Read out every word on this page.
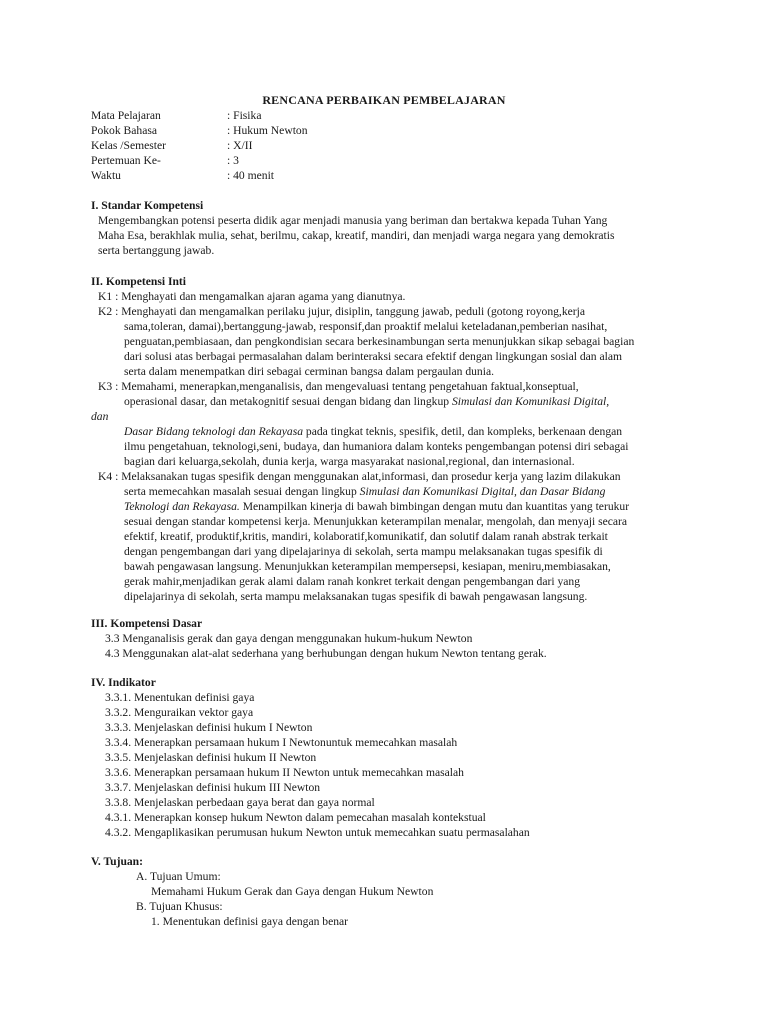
RENCANA PERBAIKAN PEMBELAJARAN
Mata Pelajaran	: Fisika
Pokok Bahasa	: Hukum Newton
Kelas /Semester	: X/II
Pertemuan Ke-	: 3
Waktu	: 40 menit
I. Standar Kompetensi
Mengembangkan potensi peserta didik agar menjadi manusia yang beriman dan bertakwa kepada Tuhan Yang
Maha Esa, berakhlak mulia, sehat, berilmu, cakap, kreatif, mandiri, dan menjadi warga negara yang demokratis
serta bertanggung jawab.
II. Kompetensi Inti
K1 : Menghayati dan mengamalkan ajaran agama yang dianutnya.
K2 : Menghayati dan mengamalkan perilaku jujur, disiplin, tanggung jawab, peduli (gotong royong,kerja
sama,toleran, damai),bertanggung-jawab, responsif,dan proaktif melalui keteladanan,pemberian nasihat,
penguatan,pembiasaan, dan pengkondisian secara berkesinambungan serta menunjukkan sikap sebagai bagian
dari solusi atas berbagai permasalahan dalam berinteraksi secara efektif dengan lingkungan sosial dan alam
serta dalam menempatkan diri sebagai cerminan bangsa dalam pergaulan dunia.
K3 : Memahami, menerapkan,menganalisis, dan mengevaluasi tentang pengetahuan faktual,konseptual,
operasional dasar, dan metakognitif sesuai dengan bidang dan lingkup Simulasi dan Komunikasi Digital,
dan
Dasar Bidang teknologi dan Rekayasa pada tingkat teknis, spesifik, detil, dan kompleks, berkenaan dengan
ilmu pengetahuan, teknologi,seni, budaya, dan humaniora dalam konteks pengembangan potensi diri sebagai
bagian dari keluarga,sekolah, dunia kerja, warga masyarakat nasional,regional, dan internasional.
K4 : Melaksanakan tugas spesifik dengan menggunakan alat,informasi, dan prosedur kerja yang lazim dilakukan
serta memecahkan masalah sesuai dengan lingkup Simulasi dan Komunikasi Digital, dan Dasar Bidang
Teknologi dan Rekayasa. Menampilkan kinerja di bawah bimbingan dengan mutu dan kuantitas yang terukur
sesuai dengan standar kompetensi kerja. Menunjukkan keterampilan menalar, mengolah, dan menyaji secara
efektif, kreatif, produktif,kritis, mandiri, kolaboratif,komunikatif, dan solutif dalam ranah abstrak terkait
dengan pengembangan dari yang dipelajarinya di sekolah, serta mampu melaksanakan tugas spesifik di
bawah pengawasan langsung. Menunjukkan keterampilan mempersepsi, kesiapan, meniru,membiasakan,
gerak mahir,menjadikan gerak alami dalam ranah konkret terkait dengan pengembangan dari yang
dipelajarinya di sekolah, serta mampu melaksanakan tugas spesifik di bawah pengawasan langsung.
III. Kompetensi Dasar
3.3 Menganalisis gerak dan gaya dengan menggunakan hukum-hukum Newton
4.3 Menggunakan alat-alat sederhana yang berhubungan dengan hukum Newton tentang gerak.
IV. Indikator
3.3.1. Menentukan definisi gaya
3.3.2. Menguraikan vektor gaya
3.3.3. Menjelaskan definisi hukum I Newton
3.3.4. Menerapkan persamaan hukum I Newtonuntuk memecahkan masalah
3.3.5. Menjelaskan definisi hukum II Newton
3.3.6. Menerapkan persamaan hukum II Newton untuk memecahkan masalah
3.3.7. Menjelaskan definisi hukum III Newton
3.3.8. Menjelaskan perbedaan gaya berat dan gaya normal
4.3.1. Menerapkan konsep hukum Newton dalam pemecahan masalah kontekstual
4.3.2. Mengaplikasikan perumusan hukum Newton untuk memecahkan suatu permasalahan
V. Tujuan:
A. Tujuan Umum:
Memahami Hukum Gerak dan Gaya dengan Hukum Newton
B. Tujuan Khusus:
1. Menentukan definisi gaya dengan benar
